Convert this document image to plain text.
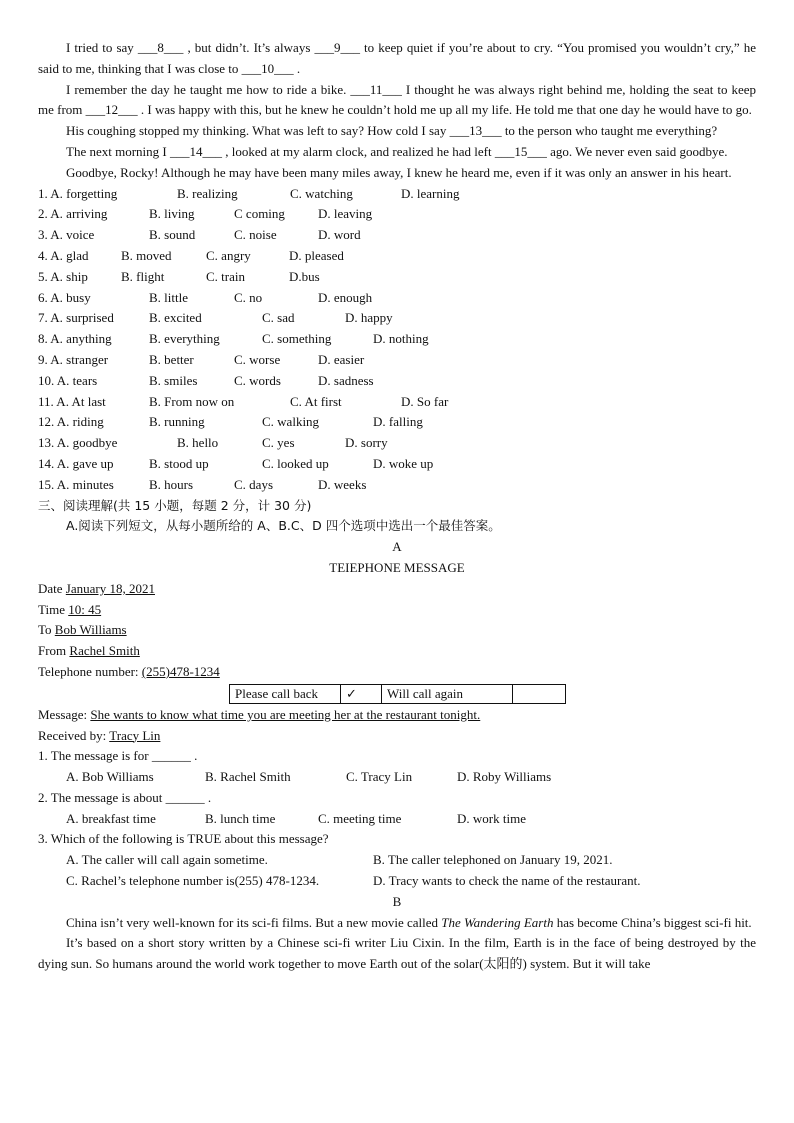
I tried to say ___8___ , but didn’t. It’s always ___9___ to keep quiet if you’re about to cry. “You promised you wouldn’t cry,” he said to me, thinking that I was close to ___10___ .

I remember the day he taught me how to ride a bike. ___11___ I thought he was always right behind me, holding the seat to keep me from ___12___ . I was happy with this, but he knew he couldn’t hold me up all my life. He told me that one day he would have to go.

His coughing stopped my thinking. What was left to say? How cold I say ___13___ to the person who taught me everything?

The next morning I ___14___ , looked at my alarm clock, and realized he had left ___15___ ago. We never even said goodbye.

Goodbye, Rocky! Although he may have been many miles away, I knew he heard me, even if it was only an answer in his heart.

1. A. forgetting	B. realizing	C. watching	D. learning
2. A. arriving	B. living	C coming	D. leaving
3. A. voice	B. sound	C. noise	D. word
4. A. glad B. moved	C. angry	D. pleased
5. A. ship	B. flight	C. train	D.bus
6. A. busy	B. little	C. no	D. enough
7. A. surprised	B. excited	C. sad	D. happy
8. A. anything	B. everything	C. something	D. nothing
9. A. stranger	B. better	C. worse	D. easier
10. A. tears	B. smiles	C. words	D. sadness
11. A. At last	B. From now on	C. At first	D. So far
12. A. riding	B. running	C. walking	D. falling
13. A. goodbye	B. hello	C. yes	D. sorry
14. A. gave up	B. stood up	C. looked up	D. woke up
15. A. minutes	B. hours	C. days	D. weeks

三、阅读理解(共 15 小题，每题 2 分，计 30 分)

A.阅读下列短文，从每小题所给的 A、B.C、D 四个选项中选出一个最佳答案。

A

TEIEPHONE MESSAGE

Date January 18, 2021

Time 10: 45

To Bob Williams

From Rachel Smith

Telephone number: (255)478-1234

Please call back	✓	Will call again	

Message: She wants to know what time you are meeting her at the restaurant tonight.

Received by: Tracy Lin

1. The message is for ______ .

A. Bob Williams	B. Rachel Smith	C. Tracy Lin	D. Roby Williams

2. The message is about ______ .

A. breakfast time	B. lunch time	C. meeting time	D. work time

3. Which of the following is TRUE about this message?

A. The caller will call again sometime.	B. The caller telephoned on January 19, 2021.
C. Rachel’s telephone number is(255) 478-1234.	D. Tracy wants to check the name of the restaurant.

B

China isn’t very well-known for its sci-fi films. But a new movie called The Wandering Earth has become China’s biggest sci-fi hit.

It’s based on a short story written by a Chinese sci-fi writer Liu Cixin. In the film, Earth is in the face of being destroyed by the dying sun. So humans around the world work together to move Earth out of the solar(太阳的) system. But it will take
